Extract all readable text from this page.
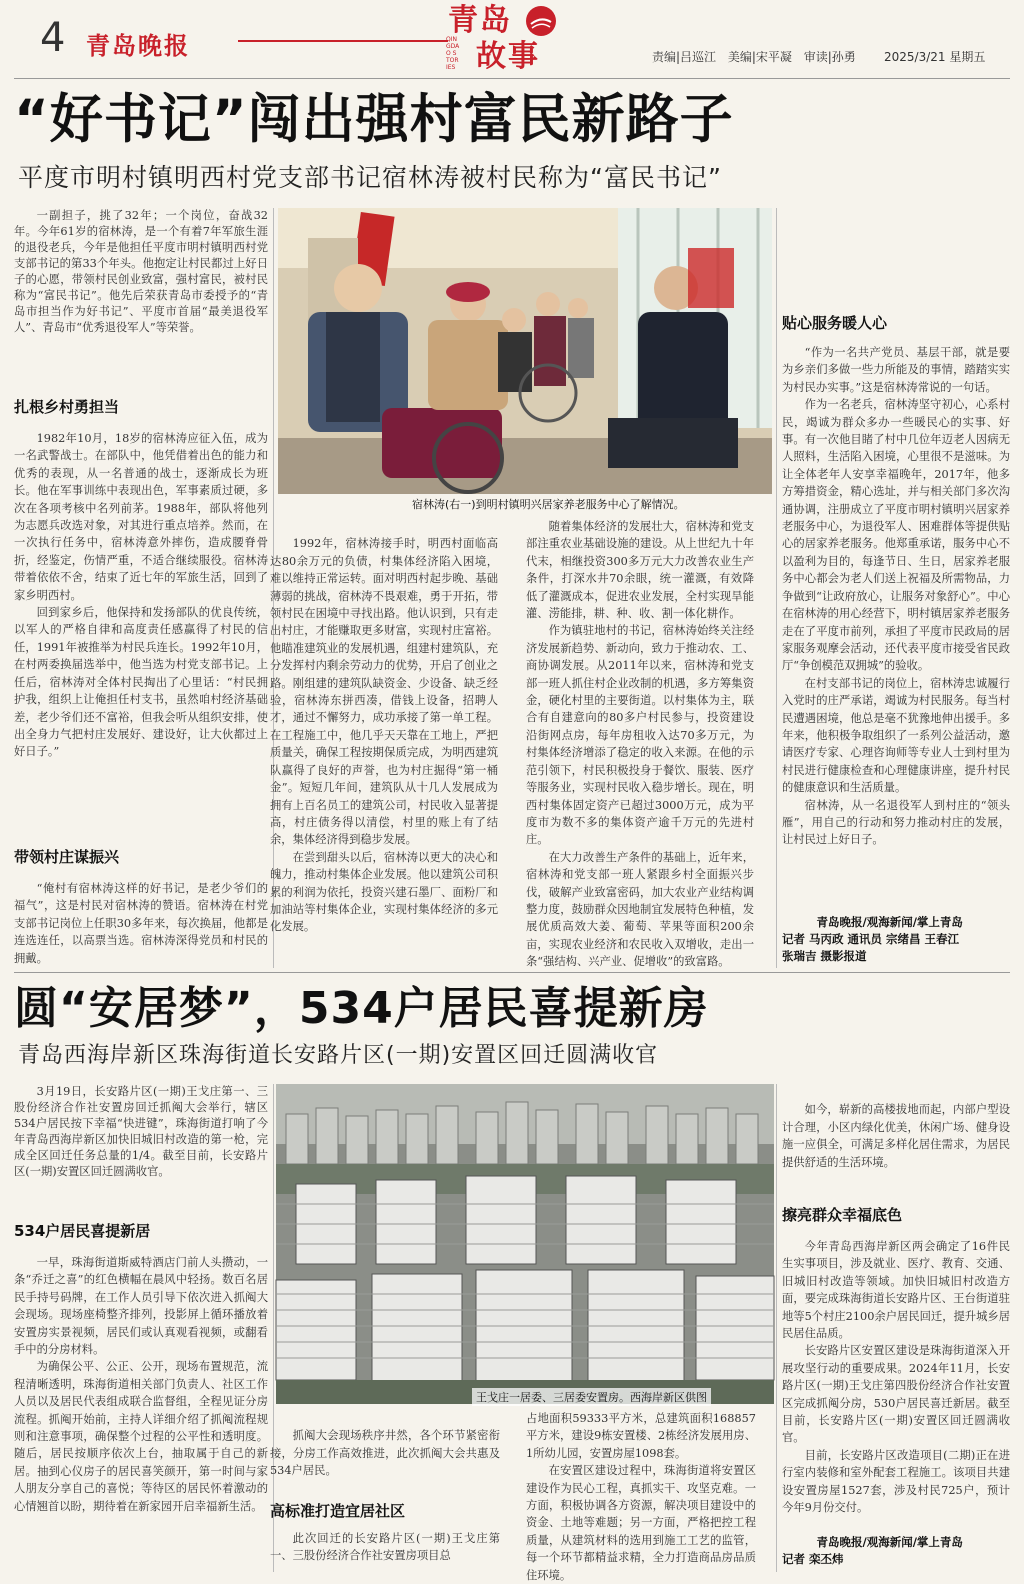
4 青岛晚报
青岛
QINGDAO STORIES 故事	责编|吕巡江 美编|宋平凝 审读|孙勇	2025/3/21 星期五
“好书记”闯出强村富民新路子
平度市明村镇明西村党支部书记宿林涛被村民称为“富民书记”
一副担子，挑了32年；一个岗位，奋战32年。今年61岁的宿林涛，是一个有着7年军旅生涯的退役老兵，今年是他担任平度市明村镇明西村党支部书记的第33个年头。他抱定让村民都过上好日子的心愿，带领村民创业致富，强村富民，被村民称为“富民书记”。他先后荣获青岛市委授予的“青岛市担当作为好书记”、平度市首届“最美退役军人”、青岛市“优秀退役军人”等荣誉。
扎根乡村勇担当

1982年10月，18岁的宿林涛应征入伍，成为一名武警战士。在部队中，他凭借着出色的能力和优秀的表现，从一名普通的战士，逐渐成长为班长。他在军事训练中表现出色，军事素质过硬，多次在各项考核中名列前茅。1988年，部队将他列为志愿兵改选对象，对其进行重点培养。然而，在一次执行任务中，宿林涛意外摔伤，造成腰脊骨折，经鉴定，伤情严重，不适合继续服役。宿林涛带着依依不舍，结束了近七年的军旅生活，回到了家乡明西村。

回到家乡后，他保持和发扬部队的优良传统，以军人的严格自律和高度责任感赢得了村民的信任，1991年被推举为村民兵连长。1992年10月，在村两委换届选举中，他当选为村党支部书记。上任后，宿林涛对全体村民掏出了心里话：“村民拥护我，组织上让俺担任村支书，虽然咱村经济基础差，老少爷们还不富裕，但我会听从组织安排，使出全身力气把村庄发展好、建设好，让大伙都过上好日子。”

带领村庄谋振兴

“俺村有宿林涛这样的好书记，是老少爷们的福气”，这是村民对宿林涛的赞语。宿林涛在村党支部书记岗位上任职30多年来，每次换届，他都是连选连任，以高票当选。宿林涛深得党员和村民的拥戴。

宿林涛(右一)到明村镇明兴居家养老服务中心了解情况。

1992年，宿林涛接手时，明西村面临高达80余万元的负债，村集体经济陷入困境，难以维持正常运转。面对明西村起步晚、基础薄弱的挑战，宿林涛不畏艰难，勇于开拓，带领村民在困境中寻找出路。他认识到，只有走出村庄，才能赚取更多财富，实现村庄富裕。他瞄准建筑业的发展机遇，组建村建筑队，充分发挥村内剩余劳动力的优势，开启了创业之路。刚组建的建筑队缺资金、少设备、缺乏经验，宿林涛东拼西凑，借钱上设备，招聘人才，通过不懈努力，成功承接了第一单工程。在工程施工中，他几乎天天靠在工地上，严把质量关，确保工程按期保质完成，为明西建筑队赢得了良好的声誉，也为村庄掘得“第一桶金”。短短几年间，建筑队从十几人发展成为拥有上百名员工的建筑公司，村民收入显著提高，村庄债务得以清偿，村里的账上有了结余，集体经济得到稳步发展。

在尝到甜头以后，宿林涛以更大的决心和魄力，推动村集体企业发展。他以建筑公司积累的利润为依托，投资兴建石墨厂、面粉厂和加油站等村集体企业，实现村集体经济的多元化发展。

随着集体经济的发展壮大，宿林涛和党支部注重农业基础设施的建设。从上世纪九十年代末，相继投资300多万元大力改善农业生产条件，打深水井70余眼，统一灌溉，有效降低了灌溉成本，促进农业发展，全村实现旱能灌、涝能排，耕、种、收、割一体化耕作。

作为镇驻地村的书记，宿林涛始终关注经济发展新趋势、新动向，致力于推动农、工、商协调发展。从2011年以来，宿林涛和党支部一班人抓住村企业改制的机遇，多方筹集资金，硬化村里的主要街道。以村集体为主，联合有自建意向的80多户村民参与，投资建设沿街网点房，每年房租收入达70多万元，为村集体经济增添了稳定的收入来源。在他的示范引领下，村民积极投身于餐饮、服装、医疗等服务业，实现村民收入稳步增长。现在，明西村集体固定资产已超过3000万元，成为平度市为数不多的集体资产逾千万元的先进村庄。

在大力改善生产条件的基础上，近年来，宿林涛和党支部一班人紧跟乡村全面振兴步伐，破解产业致富密码，加大农业产业结构调整力度，鼓励群众因地制宜发展特色种植，发展优质高效大姜、葡萄、苹果等面积200余亩，实现农业经济和农民收入双增收，走出一条“强结构、兴产业、促增收”的致富路。

贴心服务暖人心

“作为一名共产党员、基层干部，就是要为乡亲们多做一些力所能及的事情，踏踏实实为村民办实事。”这是宿林涛常说的一句话。

作为一名老兵，宿林涛坚守初心，心系村民，竭诚为群众多办一些暖民心的实事、好事。有一次他目睹了村中几位年迈老人因病无人照料，生活陷入困境，心里很不是滋味。为让全体老年人安享幸福晚年，2017年，他多方筹措资金，精心选址，并与相关部门多次沟通协调，注册成立了平度市明村镇明兴居家养老服务中心，为退役军人、困难群体等提供贴心的居家养老服务。他郑重承诺，服务中心不以盈利为目的，每逢节日、生日，居家养老服务中心都会为老人们送上祝福及所需物品，力争做到“让政府放心，让服务对象舒心”。中心在宿林涛的用心经营下，明村镇居家养老服务走在了平度市前列，承担了平度市民政局的居家服务观摩会活动，还代表平度市接受省民政厅“争创模范双拥城”的验收。

在村支部书记的岗位上，宿林涛忠诚履行入党时的庄严承诺，竭诚为村民服务。每当村民遭遇困境，他总是毫不犹豫地伸出援手。多年来，他积极争取组织了一系列公益活动，邀请医疗专家、心理咨询师等专业人士到村里为村民进行健康检查和心理健康讲座，提升村民的健康意识和生活质量。

宿林涛，从一名退役军人到村庄的“领头雁”，用自己的行动和努力推动村庄的发展，让村民过上好日子。

青岛晚报/观海新闻/掌上青岛
记者 马丙政 通讯员 宗绪昌 王春江
张瑞吉 摄影报道
圆“安居梦”，534户居民喜提新房
青岛西海岸新区珠海街道长安路片区(一期)安置区回迁圆满收官
3月19日，长安路片区(一期)王戈庄第一、三股份经济合作社安置房回迁抓阄大会举行，辖区534户居民按下幸福“快进键”，珠海街道打响了今年青岛西海岸新区加快旧城旧村改造的第一枪，完成全区回迁任务总量的1/4。截至目前，长安路片区(一期)安置区回迁圆满收官。
534户居民喜提新居

一早，珠海街道斯威特酒店门前人头攒动，一条“乔迁之喜”的红色横幅在晨风中轻扬。数百名居民手持号码牌，在工作人员引导下依次进入抓阄大会现场。现场座椅整齐排列，投影屏上循环播放着安置房实景视频，居民们或认真观看视频，或翻看手中的分房材料。

为确保公平、公正、公开，现场布置规范，流程清晰透明，珠海街道相关部门负责人、社区工作人员以及居民代表组成联合监督组，全程见证分房流程。抓阄开始前，主持人详细介绍了抓阄流程规则和注意事项，确保整个过程的公平性和透明度。随后，居民按顺序依次上台，抽取属于自己的新居。抽到心仪房子的居民喜笑颜开，第一时间与家人朋友分享自己的喜悦；等待区的居民怀着激动的心情翘首以盼，期待着在新家园开启幸福新生活。

王戈庄一居委、三居委安置房。西海岸新区供图

抓阄大会现场秩序井然，各个环节紧密衔接，分房工作高效推进，此次抓阄大会共惠及534户居民。

高标准打造宜居社区

此次回迁的长安路片区(一期)王戈庄第一、三股份经济合作社安置房项目总

占地面积59333平方米，总建筑面积168857平方米，建设9栋安置楼、2栋经济发展用房、1所幼儿园，安置房屋1098套。

在安置区建设过程中，珠海街道将安置区建设作为民心工程，真抓实干、攻坚克难。一方面，积极协调各方资源，解决项目建设中的资金、土地等难题；另一方面，严格把控工程质量，从建筑材料的选用到施工工艺的监管，每一个环节都精益求精，全力打造商品房品质住环境。

如今，崭新的高楼拔地而起，内部户型设计合理，小区内绿化优美，休闲广场、健身设施一应俱全，可满足多样化居住需求，为居民提供舒适的生活环境。

擦亮群众幸福底色

今年青岛西海岸新区两会确定了16件民生实事项目，涉及就业、医疗、教育、交通、旧城旧村改造等领域。加快旧城旧村改造方面，要完成珠海街道长安路片区、王台街道驻地等5个村庄2100余户居民回迁，提升城乡居民居住品质。

长安路片区安置区建设是珠海街道深入开展攻坚行动的重要成果。2024年11月，长安路片区(一期)王戈庄第四股份经济合作社安置区完成抓阄分房，530户居民喜迁新居。截至目前，长安路片区(一期)安置区回迁圆满收官。

目前，长安路片区改造项目(二期)正在进行室内装修和室外配套工程施工。该项目共建设安置房屋1527套，涉及村民725户，预计今年9月份交付。

青岛晚报/观海新闻/掌上青岛
记者 栾丕炜
